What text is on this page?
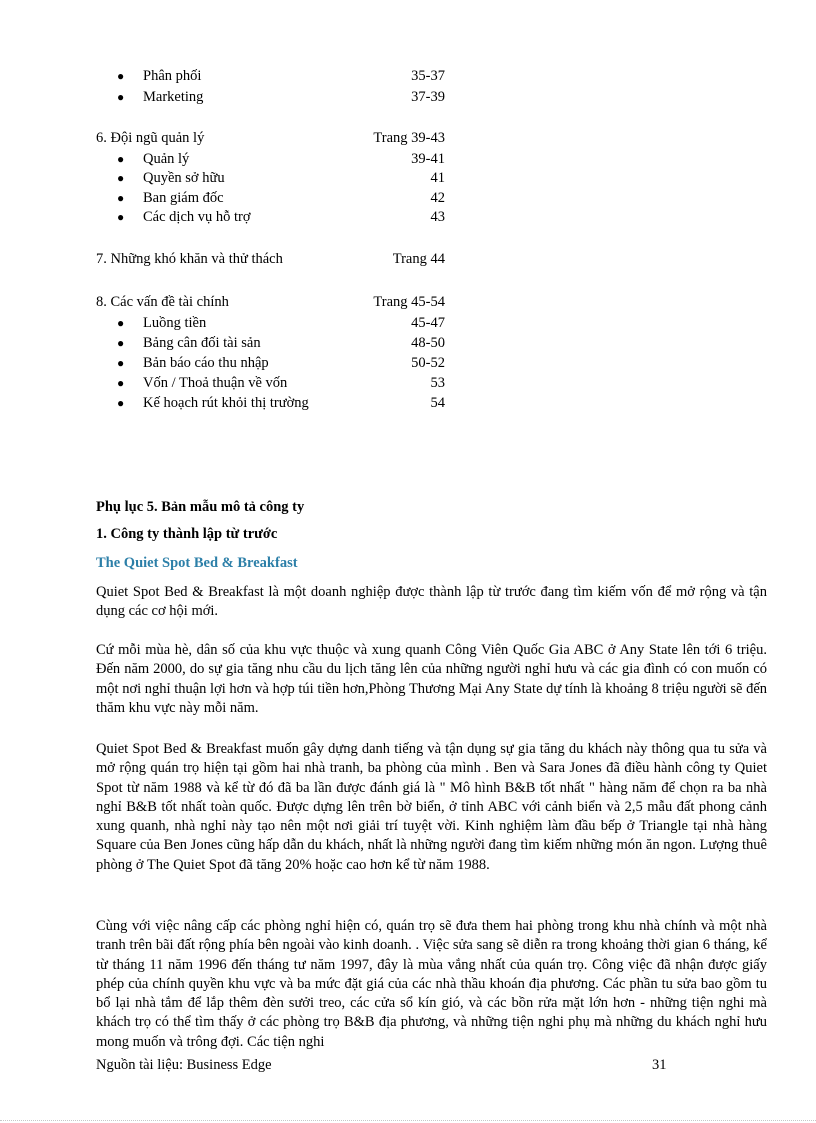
● Phân phối	35-37
● Marketing	37-39
6. Đội ngũ quản lý	Trang 39-43
● Quản lý	39-41
● Quyền sở hữu	41
● Ban giám đốc	42
● Các dịch vụ hỗ trợ	43
7. Những khó khăn và thử thách	Trang 44
8. Các vấn đề tài chính	Trang 45-54
● Luồng tiền	45-47
● Bảng cân đối tài sản	48-50
● Bản báo cáo thu nhập	50-52
● Vốn / Thoả thuận về vốn	53
● Kế hoạch rút khỏi thị trường	54
Phụ lục 5. Bản mẫu mô tả công ty
1. Công ty thành lập từ trước
The Quiet Spot Bed & Breakfast
Quiet Spot Bed & Breakfast là một doanh nghiệp được thành lập từ trước đang tìm kiếm vốn để mở rộng và tận dụng các cơ hội mới.
Cứ mỗi mùa hè, dân số của khu vực thuộc và xung quanh Công Viên Quốc Gia ABC ở Any State lên tới 6 triệu. Đến năm 2000, do sự gia tăng nhu cầu du lịch tăng lên của những người nghỉ hưu và các gia đình có con muốn có một nơi nghỉ thuận lợi hơn và hợp túi tiền hơn,Phòng Thương Mại Any State dự tính là khoảng 8 triệu người sẽ đến thăm khu vực này mỗi năm.
Quiet Spot Bed & Breakfast muốn gây dựng danh tiếng và tận dụng sự gia tăng du khách này thông qua tu sửa và mở rộng quán trọ hiện tại gồm hai nhà tranh, ba phòng của mình . Ben và Sara Jones đã điều hành công ty Quiet Spot từ năm 1988 và kể từ đó đã ba lần được đánh giá là " Mô hình B&B tốt nhất " hàng năm để chọn ra ba nhà nghỉ B&B tốt nhất toàn quốc. Được dựng lên trên bờ biển, ở tỉnh ABC với cảnh biển và 2,5 mẫu đất phong cảnh xung quanh, nhà nghỉ này tạo nên một nơi giải trí tuyệt vời. Kinh nghiệm làm đầu bếp ở Triangle tại nhà hàng Square của Ben Jones cũng hấp dẫn du khách, nhất là những người đang tìm kiếm những món ăn ngon. Lượng thuê phòng ở The Quiet Spot đã tăng 20% hoặc cao hơn kể từ năm 1988.
Cùng với việc nâng cấp các phòng nghỉ hiện có, quán trọ sẽ đưa them hai phòng trong khu nhà chính và một nhà tranh trên bãi đất rộng phía bên ngoài vào kinh doanh. . Việc sửa sang sẽ diễn ra trong khoảng thời gian 6 tháng, kể từ tháng 11 năm 1996 đến tháng tư năm 1997, đây là mùa vắng nhất của quán trọ. Công việc đã nhận được giấy phép của chính quyền khu vực và ba mức đặt giá của các nhà thầu khoán địa phương. Các phần tu sửa bao gồm tu bổ lại nhà tắm để lắp thêm đèn sưởi treo, các cửa sổ kín gió, và các bồn rửa mặt lớn hơn - những tiện nghi mà khách trọ có thể tìm thấy ở các phòng trọ B&B địa phương, và những tiện nghi phụ mà những du khách nghỉ hưu mong muốn và trông đợi. Các tiện nghi
Nguồn tài liệu: Business Edge	31
